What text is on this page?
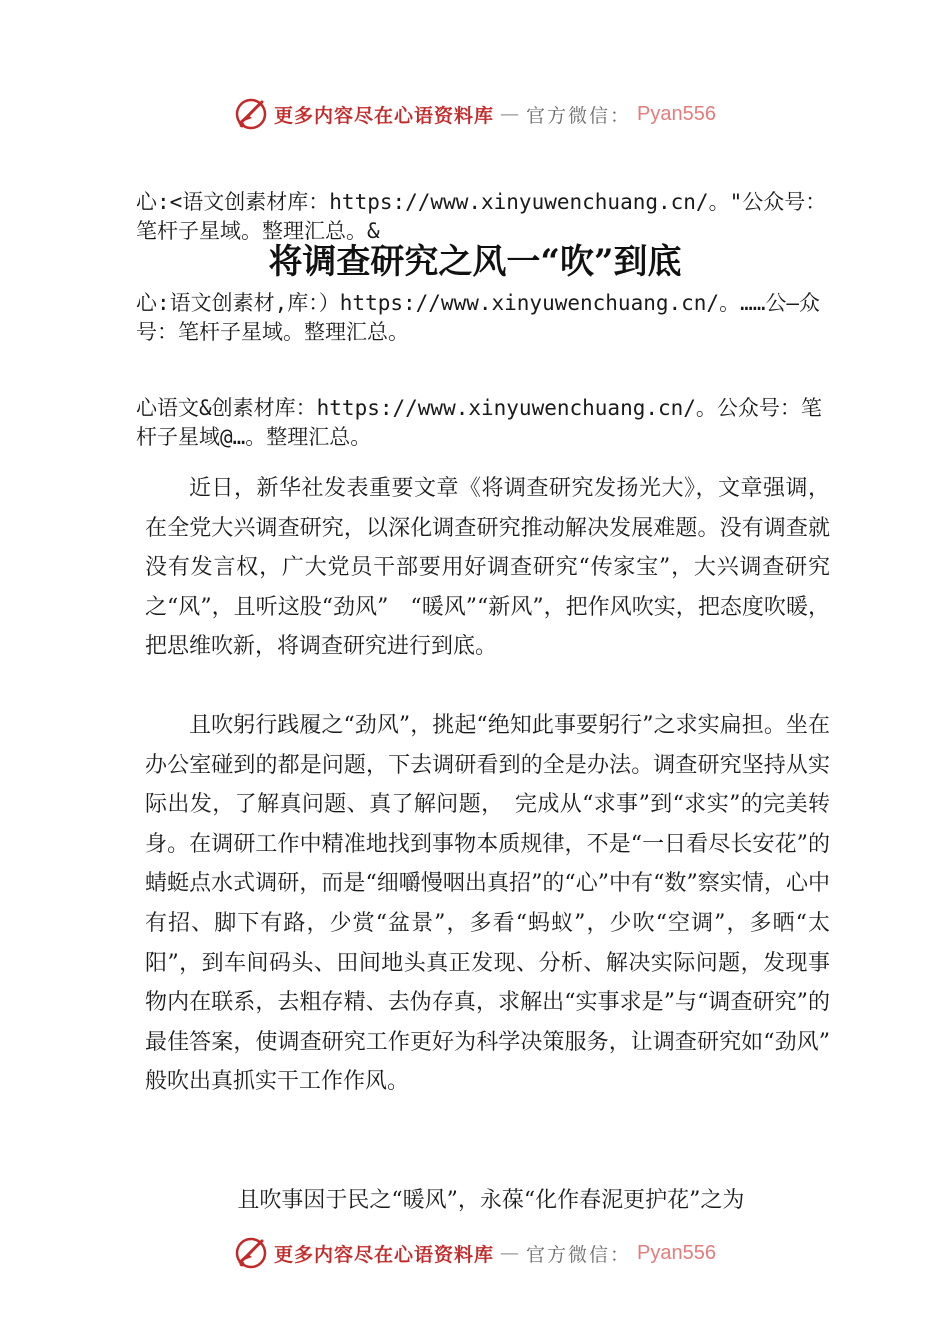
更多内容尽在心语资料库 — 官方微信： Pyan556

心:<语文创素材库：https://www.xinyuwenchuang.cn/。"公众号：笔杆子星域。整理汇总。&

将调查研究之风一“吹”到底

心:语文创素材,库：）https://www.xinyuwenchuang.cn/。……公—众号：笔杆子星域。整理汇总。

心语文&创素材库：https://www.xinyuwenchuang.cn/。公众号：笔杆子星域@…。整理汇总。

近日，新华社发表重要文章《将调查研究发扬光大》，文章强调，在全党大兴调查研究，以深化调查研究推动解决发展难题。没有调查就没有发言权，广大党员干部要用好调查研究“传家宝”，大兴调查研究之“风”，且听这股“劲风”　“暖风”“新风”，把作风吹实，把态度吹暖，把思维吹新，将调查研究进行到底。

且吹躬行践履之“劲风”，挑起“绝知此事要躬行”之求实扁担。坐在办公室碰到的都是问题，下去调研看到的全是办法。调查研究坚持从实际出发，了解真问题、真了解问题，　完成从“求事”到“求实”的完美转身。在调研工作中精准地找到事物本质规律，不是“一日看尽长安花”的蜻蜓点水式调研，而是“细嚼慢咽出真招”的“心”中有“数”察实情，心中有招、脚下有路，少赏“盆景”，多看“蚂蚁”，少吹“空调”，多晒“太阳”，到车间码头、田间地头真正发现、分析、解决实际问题，发现事物内在联系，去粗存精、去伪存真，求解出“实事求是”与“调查研究”的最佳答案，使调查研究工作更好为科学决策服务，让调查研究如“劲风”　般吹出真抓实干工作作风。

且吹事因于民之“暖风”，永葆“化作春泥更护花”之为

更多内容尽在心语资料库 — 官方微信： Pyan556
